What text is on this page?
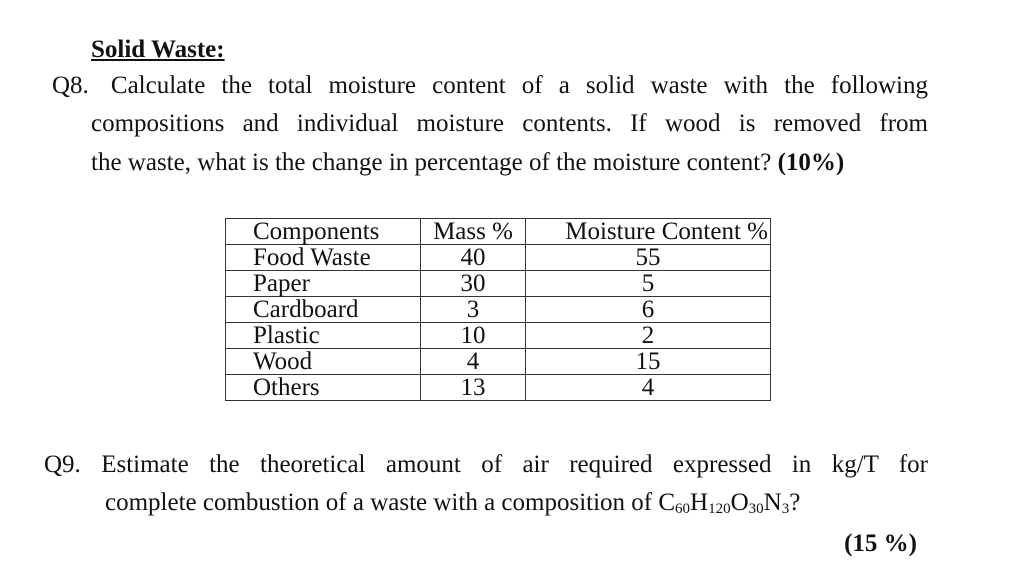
Solid Waste:
Q8. Calculate the total moisture content of a solid waste with the following
compositions and individual moisture contents. If wood is removed from
the waste, what is the change in percentage of the moisture content? (10%)
Components	Mass %	Moisture Content %
Food Waste	40	55
Paper	30	5
Cardboard	3	6
Plastic	10	2
Wood	4	15
Others	13	4
Q9. Estimate the theoretical amount of air required expressed in kg/T for
complete combustion of a waste with a composition of $C_{60}H_{120}O_{30}N_3$?
(15 %)
